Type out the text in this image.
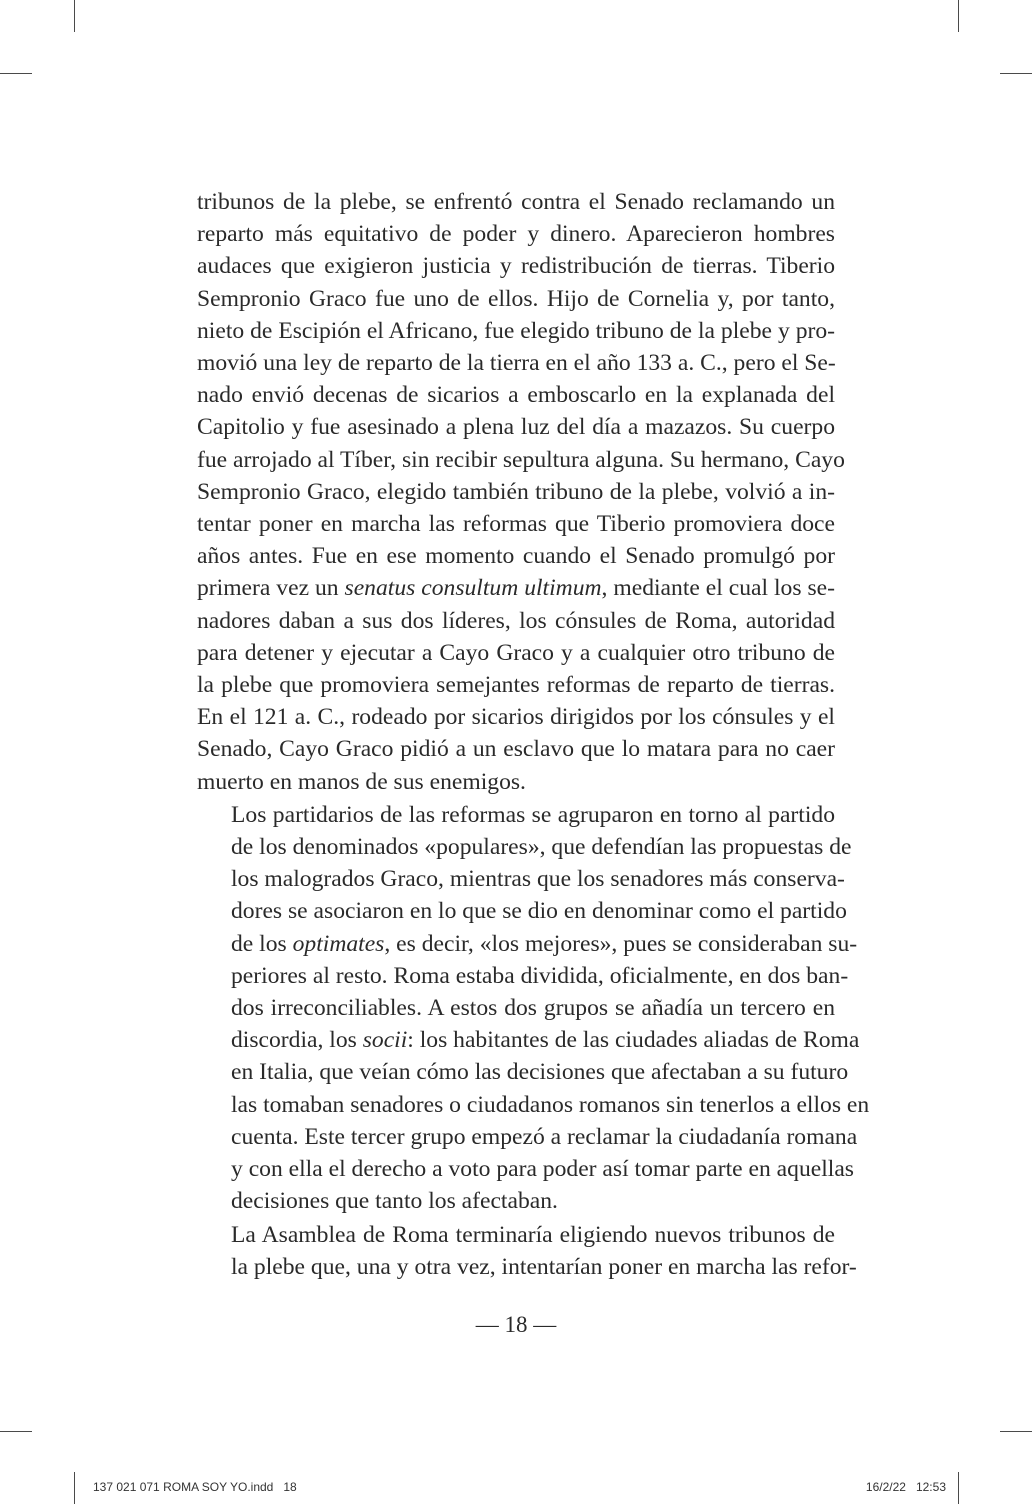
tribunos de la plebe, se enfrentó contra el Senado reclamando un
reparto más equitativo de poder y dinero. Aparecieron hombres
audaces que exigieron justicia y redistribución de tierras. Tiberio
Sempronio Graco fue uno de ellos. Hijo de Cornelia y, por tanto,
nieto de Escipión el Africano, fue elegido tribuno de la plebe y pro-
movió una ley de reparto de la tierra en el año 133 a. C., pero el Se-
nado envió decenas de sicarios a emboscarlo en la explanada del
Capitolio y fue asesinado a plena luz del día a mazazos. Su cuerpo
fue arrojado al Tíber, sin recibir sepultura alguna. Su hermano, Cayo
Sempronio Graco, elegido también tribuno de la plebe, volvió a in-
tentar poner en marcha las reformas que Tiberio promoviera doce
años antes. Fue en ese momento cuando el Senado promulgó por
primera vez un senatus consultum ultimum, mediante el cual los se-
nadores daban a sus dos líderes, los cónsules de Roma, autoridad
para detener y ejecutar a Cayo Graco y a cualquier otro tribuno de
la plebe que promoviera semejantes reformas de reparto de tierras.
En el 121 a. C., rodeado por sicarios dirigidos por los cónsules y el
Senado, Cayo Graco pidió a un esclavo que lo matara para no caer
muerto en manos de sus enemigos.

Los partidarios de las reformas se agruparon en torno al partido
de los denominados «populares», que defendían las propuestas de
los malogrados Graco, mientras que los senadores más conserva-
dores se asociaron en lo que se dio en denominar como el partido
de los optimates, es decir, «los mejores», pues se consideraban su-
periores al resto. Roma estaba dividida, oficialmente, en dos ban-
dos irreconciliables. A estos dos grupos se añadía un tercero en
discordia, los socii: los habitantes de las ciudades aliadas de Roma
en Italia, que veían cómo las decisiones que afectaban a su futuro
las tomaban senadores o ciudadanos romanos sin tenerlos a ellos en
cuenta. Este tercer grupo empezó a reclamar la ciudadanía romana
y con ella el derecho a voto para poder así tomar parte en aquellas
decisiones que tanto los afectaban.

La Asamblea de Roma terminaría eligiendo nuevos tribunos de
la plebe que, una y otra vez, intentarían poner en marcha las refor-

— 18 —
137 021 071 ROMA SOY YO.indd   18	16/2/22   12:53
